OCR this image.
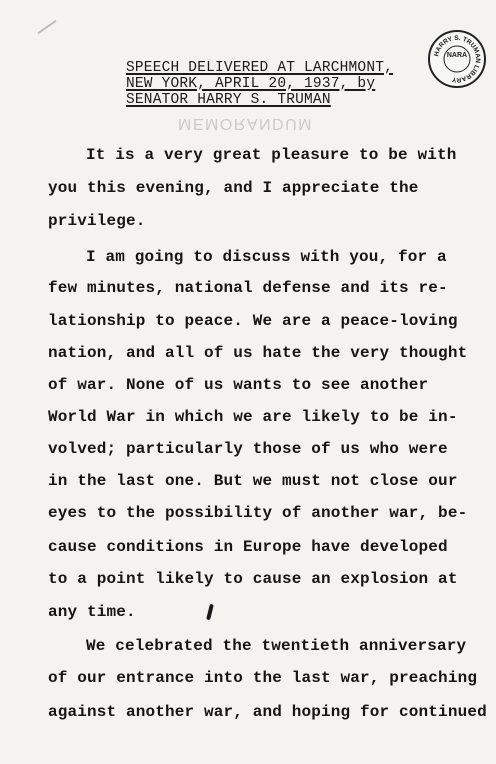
HARRY S. TRUMAN LIBRARY
NARA
SPEECH DELIVERED AT LARCHMONT,
NEW YORK, APRIL 20, 1937, by
SENATOR HARRY S. TRUMAN
MEMORANDUM
It is a very great pleasure to be with
you this evening, and I appreciate the
privilege.
I am going to discuss with you, for a
few minutes, national defense and its re-
lationship to peace. We are a peace-loving
nation, and all of us hate the very thought
of war. None of us wants to see another
World War in which we are likely to be in-
volved; particularly those of us who were
in the last one. But we must not close our
eyes to the possibility of another war, be-
cause conditions in Europe have developed
to a point likely to cause an explosion at
any time.
We celebrated the twentieth anniversary
of our entrance into the last war, preaching
against another war, and hoping for continued
